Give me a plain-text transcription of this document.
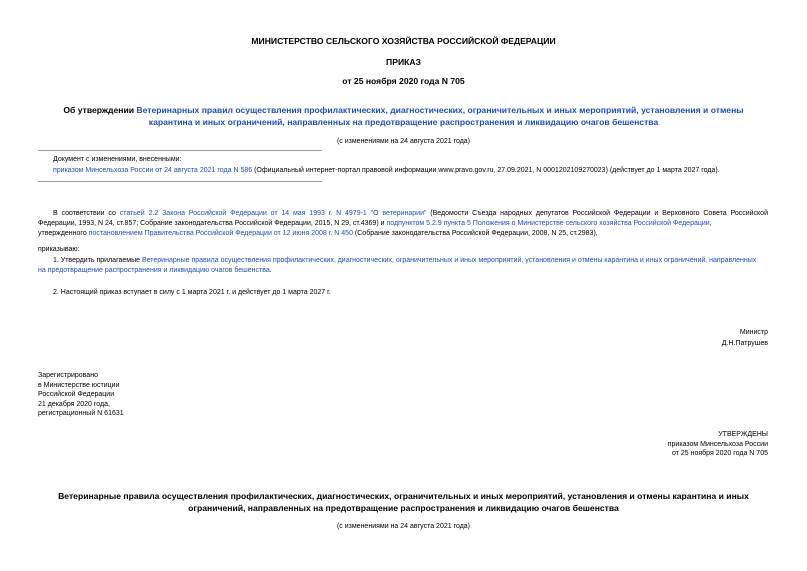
МИНИСТЕРСТВО СЕЛЬСКОГО ХОЗЯЙСТВА РОССИЙСКОЙ ФЕДЕРАЦИИ
ПРИКАЗ
от 25 ноября 2020 года N 705
Об утверждении Ветеринарных правил осуществления профилактических, диагностических, ограничительных и иных мероприятий, установления и отмены
карантина и иных ограничений, направленных на предотвращение распространения и ликвидацию очагов бешенства
(с изменениями на 24 августа 2021 года)
Документ с изменениями, внесенными:
приказом Минсельхоза России от 24 августа 2021 года N 586 (Официальный интернет-портал правовой информации www.pravo.gov.ru, 27.09.2021, N 0001202109270023) (действует до 1 марта 2027 года).
В соответствии со статьей 2.2 Закона Российской Федерации от 14 мая 1993 г. N 4979-1 "О ветеринарии" (Ведомости Съезда народных депутатов Российской Федерации и Верховного Совета Российской
Федерации, 1993, N 24, ст.857; Собрание законодательства Российской Федерации, 2015, N 29, ст.4369) и подпунктом 5.2.9 пункта 5 Положения о Министерстве сельского хозяйства Российской Федерации,
утвержденного постановлением Правительства Российской Федерации от 12 июня 2008 г. N 450 (Собрание законодательства Российской Федерации, 2008, N 25, ст.2983),
приказываю:
1. Утвердить прилагаемые Ветеринарные правила осуществления профилактических, диагностических, ограничительных и иных мероприятий, установления и отмены карантина и иных ограничений, направленных
на предотвращение распространения и ликвидацию очагов бешенства.
2. Настоящий приказ вступает в силу с 1 марта 2021 г. и действует до 1 марта 2027 г.
Министр
Д.Н.Патрушев
Зарегистрировано
в Министерстве юстиции
Российской Федерации
21 декабря 2020 года,
регистрационный N 61631
УТВЕРЖДЕНЫ
приказом Минсельхоза России
от 25 ноября 2020 года N 705
Ветеринарные правила осуществления профилактических, диагностических, ограничительных и иных мероприятий, установления и отмены карантина и иных
ограничений, направленных на предотвращение распространения и ликвидацию очагов бешенства
(с изменениями на 24 августа 2021 года)
